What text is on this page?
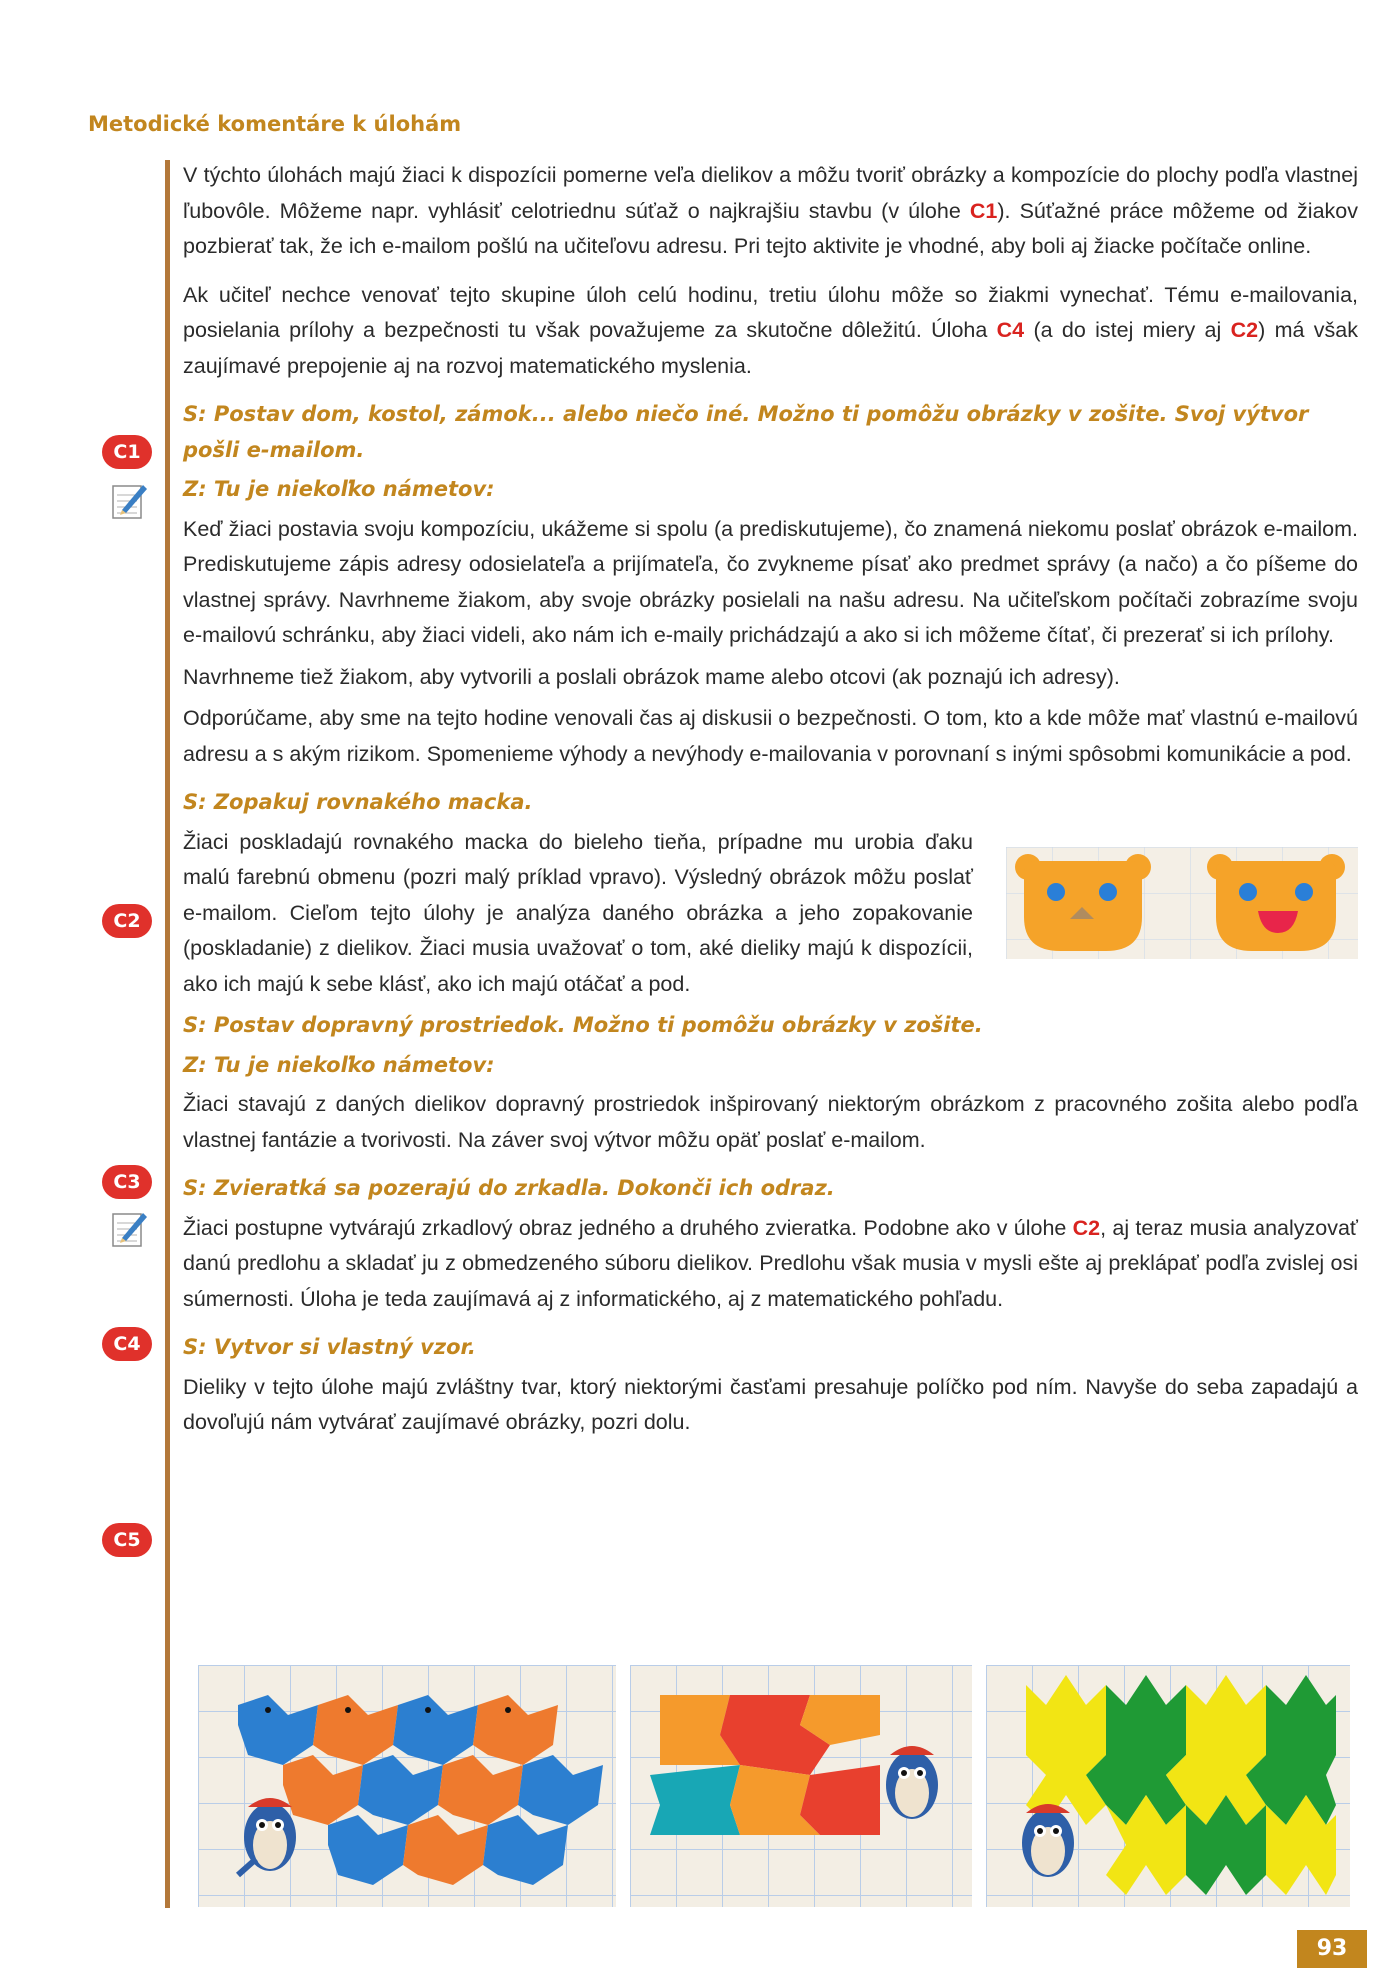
Metodické komentáre k úlohám
C1
C2
C3
C4
C5

V týchto úlohách majú žiaci k dispozícii pomerne veľa dielikov a môžu tvoriť obrázky a kompozície do plochy podľa vlastnej ľubovôle. Môžeme napr. vyhlásiť celotriednu súťaž o najkrajšiu stavbu (v úlohe C1). Súťažné práce môžeme od žiakov pozbierať tak, že ich e-mailom pošlú na učiteľovu adresu. Pri tejto aktivite je vhodné, aby boli aj žiacke počítače online.

Ak učiteľ nechce venovať tejto skupine úloh celú hodinu, tretiu úlohu môže so žiakmi vynechať. Tému e-mailovania, posielania prílohy a bezpečnosti tu však považujeme za skutočne dôležitú. Úloha C4 (a do istej miery aj C2) má však zaujímavé prepojenie aj na rozvoj matematického myslenia.

S: Postav dom, kostol, zámok... alebo niečo iné. Možno ti pomôžu obrázky v zošite. Svoj výtvor pošli e-mailom.
Z: Tu je niekoľko námetov:

Keď žiaci postavia svoju kompozíciu, ukážeme si spolu (a prediskutujeme), čo znamená niekomu poslať obrázok e-mailom. Prediskutujeme zápis adresy odosielateľa a prijímateľa, čo zvykneme písať ako predmet správy (a načo) a čo píšeme do vlastnej správy. Navrhneme žiakom, aby svoje obrázky posielali na našu adresu. Na učiteľskom počítači zobrazíme svoju e-mailovú schránku, aby žiaci videli, ako nám ich e-maily prichádzajú a ako si ich môžeme čítať, či prezerať si ich prílohy.

Navrhneme tiež žiakom, aby vytvorili a poslali obrázok mame alebo otcovi (ak poznajú ich adresy).

Odporúčame, aby sme na tejto hodine venovali čas aj diskusii o bezpečnosti. O tom, kto a kde môže mať vlastnú e-mailovú adresu a s akým rizikom. Spomenieme výhody a nevýhody e-mailovania v porovnaní s inými spôsobmi komunikácie a pod.

S: Zopakuj rovnakého macka.

Žiaci poskladajú rovnakého macka do bieleho tieňa, prípadne mu urobia ďaku malú farebnú obmenu (pozri malý príklad vpravo). Výsledný obrázok môžu poslať e-mailom. Cieľom tejto úlohy je analýza daného obrázka a jeho zopakovanie (poskladanie) z dielikov. Žiaci musia uvažovať o tom, aké dieliky majú k dispozícii, ako ich majú k sebe klásť, ako ich majú otáčať a pod.

S: Postav dopravný prostriedok. Možno ti pomôžu obrázky v zošite.
Z: Tu je niekoľko námetov:

Žiaci stavajú z daných dielikov dopravný prostriedok inšpirovaný niektorým obrázkom z pracovného zošita alebo podľa vlastnej fantázie a tvorivosti. Na záver svoj výtvor môžu opäť poslať e-mailom.

S: Zvieratká sa pozerajú do zrkadla. Dokonči ich odraz.

Žiaci postupne vytvárajú zrkadlový obraz jedného a druhého zvieratka. Podobne ako v úlohe C2, aj teraz musia analyzovať danú predlohu a skladať ju z obmedzeného súboru dielikov. Predlohu však musia v mysli ešte aj preklápať podľa zvislej osi súmernosti. Úloha je teda zaujímavá aj z informatického, aj z matematického pohľadu.

S: Vytvor si vlastný vzor.

Dieliky v tejto úlohe majú zvláštny tvar, ktorý niektorými časťami presahuje políčko pod ním. Navyše do seba zapadajú a dovoľujú nám vytvárať zaujímavé obrázky, pozri dolu.

93
